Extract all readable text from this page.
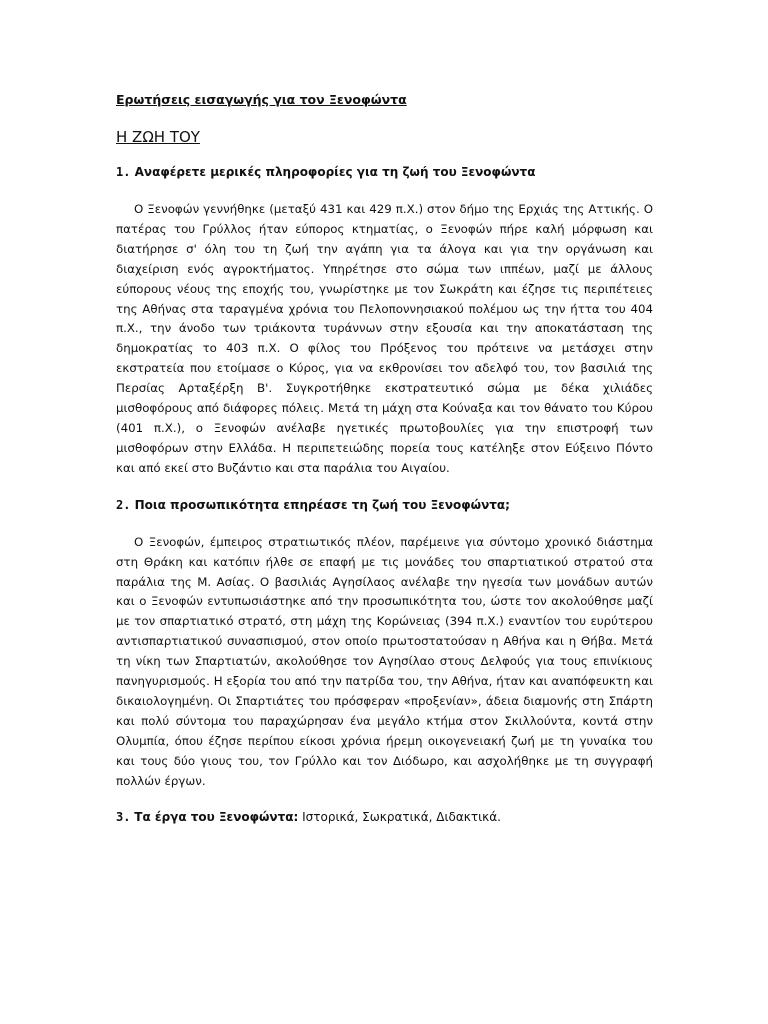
Ερωτήσεις εισαγωγής για τον Ξενοφώντα
Η ΖΩΗ ΤΟΥ
1. Αναφέρετε μερικές πληροφορίες για τη ζωή του Ξενοφώντα

Ο Ξενοφών γεννήθηκε (μεταξύ 431 και 429 π.Χ.) στον δήμο της Ερχιάς της Αττικής. Ο πατέρας του Γρύλλος ήταν εύπορος κτηματίας, ο Ξενοφών πήρε καλή μόρφωση και διατήρησε σ' όλη του τη ζωή την αγάπη για τα άλογα και για την οργάνωση και διαχείριση ενός αγροκτήματος. Υπηρέτησε στο σώμα των ιππέων, μαζί με άλλους εύπορους νέους της εποχής του, γνωρίστηκε με τον Σωκράτη και έζησε τις περιπέτειες της Αθήνας στα ταραγμένα χρόνια του Πελοποννησιακού πολέμου ως την ήττα του 404 π.Χ., την άνοδο των τριάκοντα τυράννων στην εξουσία και την αποκατάσταση της δημοκρατίας το 403 π.Χ. Ο φίλος του Πρόξενος του πρότεινε να μετάσχει στην εκστρατεία που ετοίμασε ο Κύρος, για να εκθρονίσει τον αδελφό του, τον βασιλιά της Περσίας Αρταξέρξη Β'. Συγκροτήθηκε εκστρατευτικό σώμα με δέκα χιλιάδες μισθοφόρους από διάφορες πόλεις. Μετά τη μάχη στα Κούναξα και τον θάνατο του Κύρου (401 π.Χ.), ο Ξενοφών ανέλαβε ηγετικές πρωτοβουλίες για την επιστροφή των μισθοφόρων στην Ελλάδα. Η περιπετειώδης πορεία τους κατέληξε στον Εύξεινο Πόντο και από εκεί στο Βυζάντιο και στα παράλια του Αιγαίου.

2. Ποια προσωπικότητα επηρέασε τη ζωή του Ξενοφώντα;

Ο Ξενοφών, έμπειρος στρατιωτικός πλέον, παρέμεινε για σύντομο χρονικό διάστημα στη Θράκη και κατόπιν ήλθε σε επαφή με τις μονάδες του σπαρτιατικού στρατού στα παράλια της Μ. Ασίας. Ο βασιλιάς Αγησίλαος ανέλαβε την ηγεσία των μονάδων αυτών και ο Ξενοφών εντυπωσιάστηκε από την προσωπικότητα του, ώστε τον ακολούθησε μαζί με τον σπαρτιατικό στρατό, στη μάχη της Κορώνειας (394 π.Χ.) εναντίον του ευρύτερου αντισπαρτιατικού συνασπισμού, στον οποίο πρωτοστατούσαν η Αθήνα και η Θήβα. Μετά τη νίκη των Σπαρτιατών, ακολούθησε τον Αγησίλαο στους Δελφούς για τους επινίκιους πανηγυρισμούς. Η εξορία του από την πατρίδα του, την Αθήνα, ήταν και αναπόφευκτη και δικαιολογημένη. Οι Σπαρτιάτες του πρόσφεραν «προξενίαν», άδεια διαμονής στη Σπάρτη και πολύ σύντομα του παραχώρησαν ένα μεγάλο κτήμα στον Σκιλλούντα, κοντά στην Ολυμπία, όπου έζησε περίπου είκοσι χρόνια ήρεμη οικογενειακή ζωή με τη γυναίκα του και τους δύο γιους του, τον Γρύλλο και τον Διόδωρο, και ασχολήθηκε με τη συγγραφή πολλών έργων.

3. Τα έργα του Ξενοφώντα: Ιστορικά, Σωκρατικά, Διδακτικά.
